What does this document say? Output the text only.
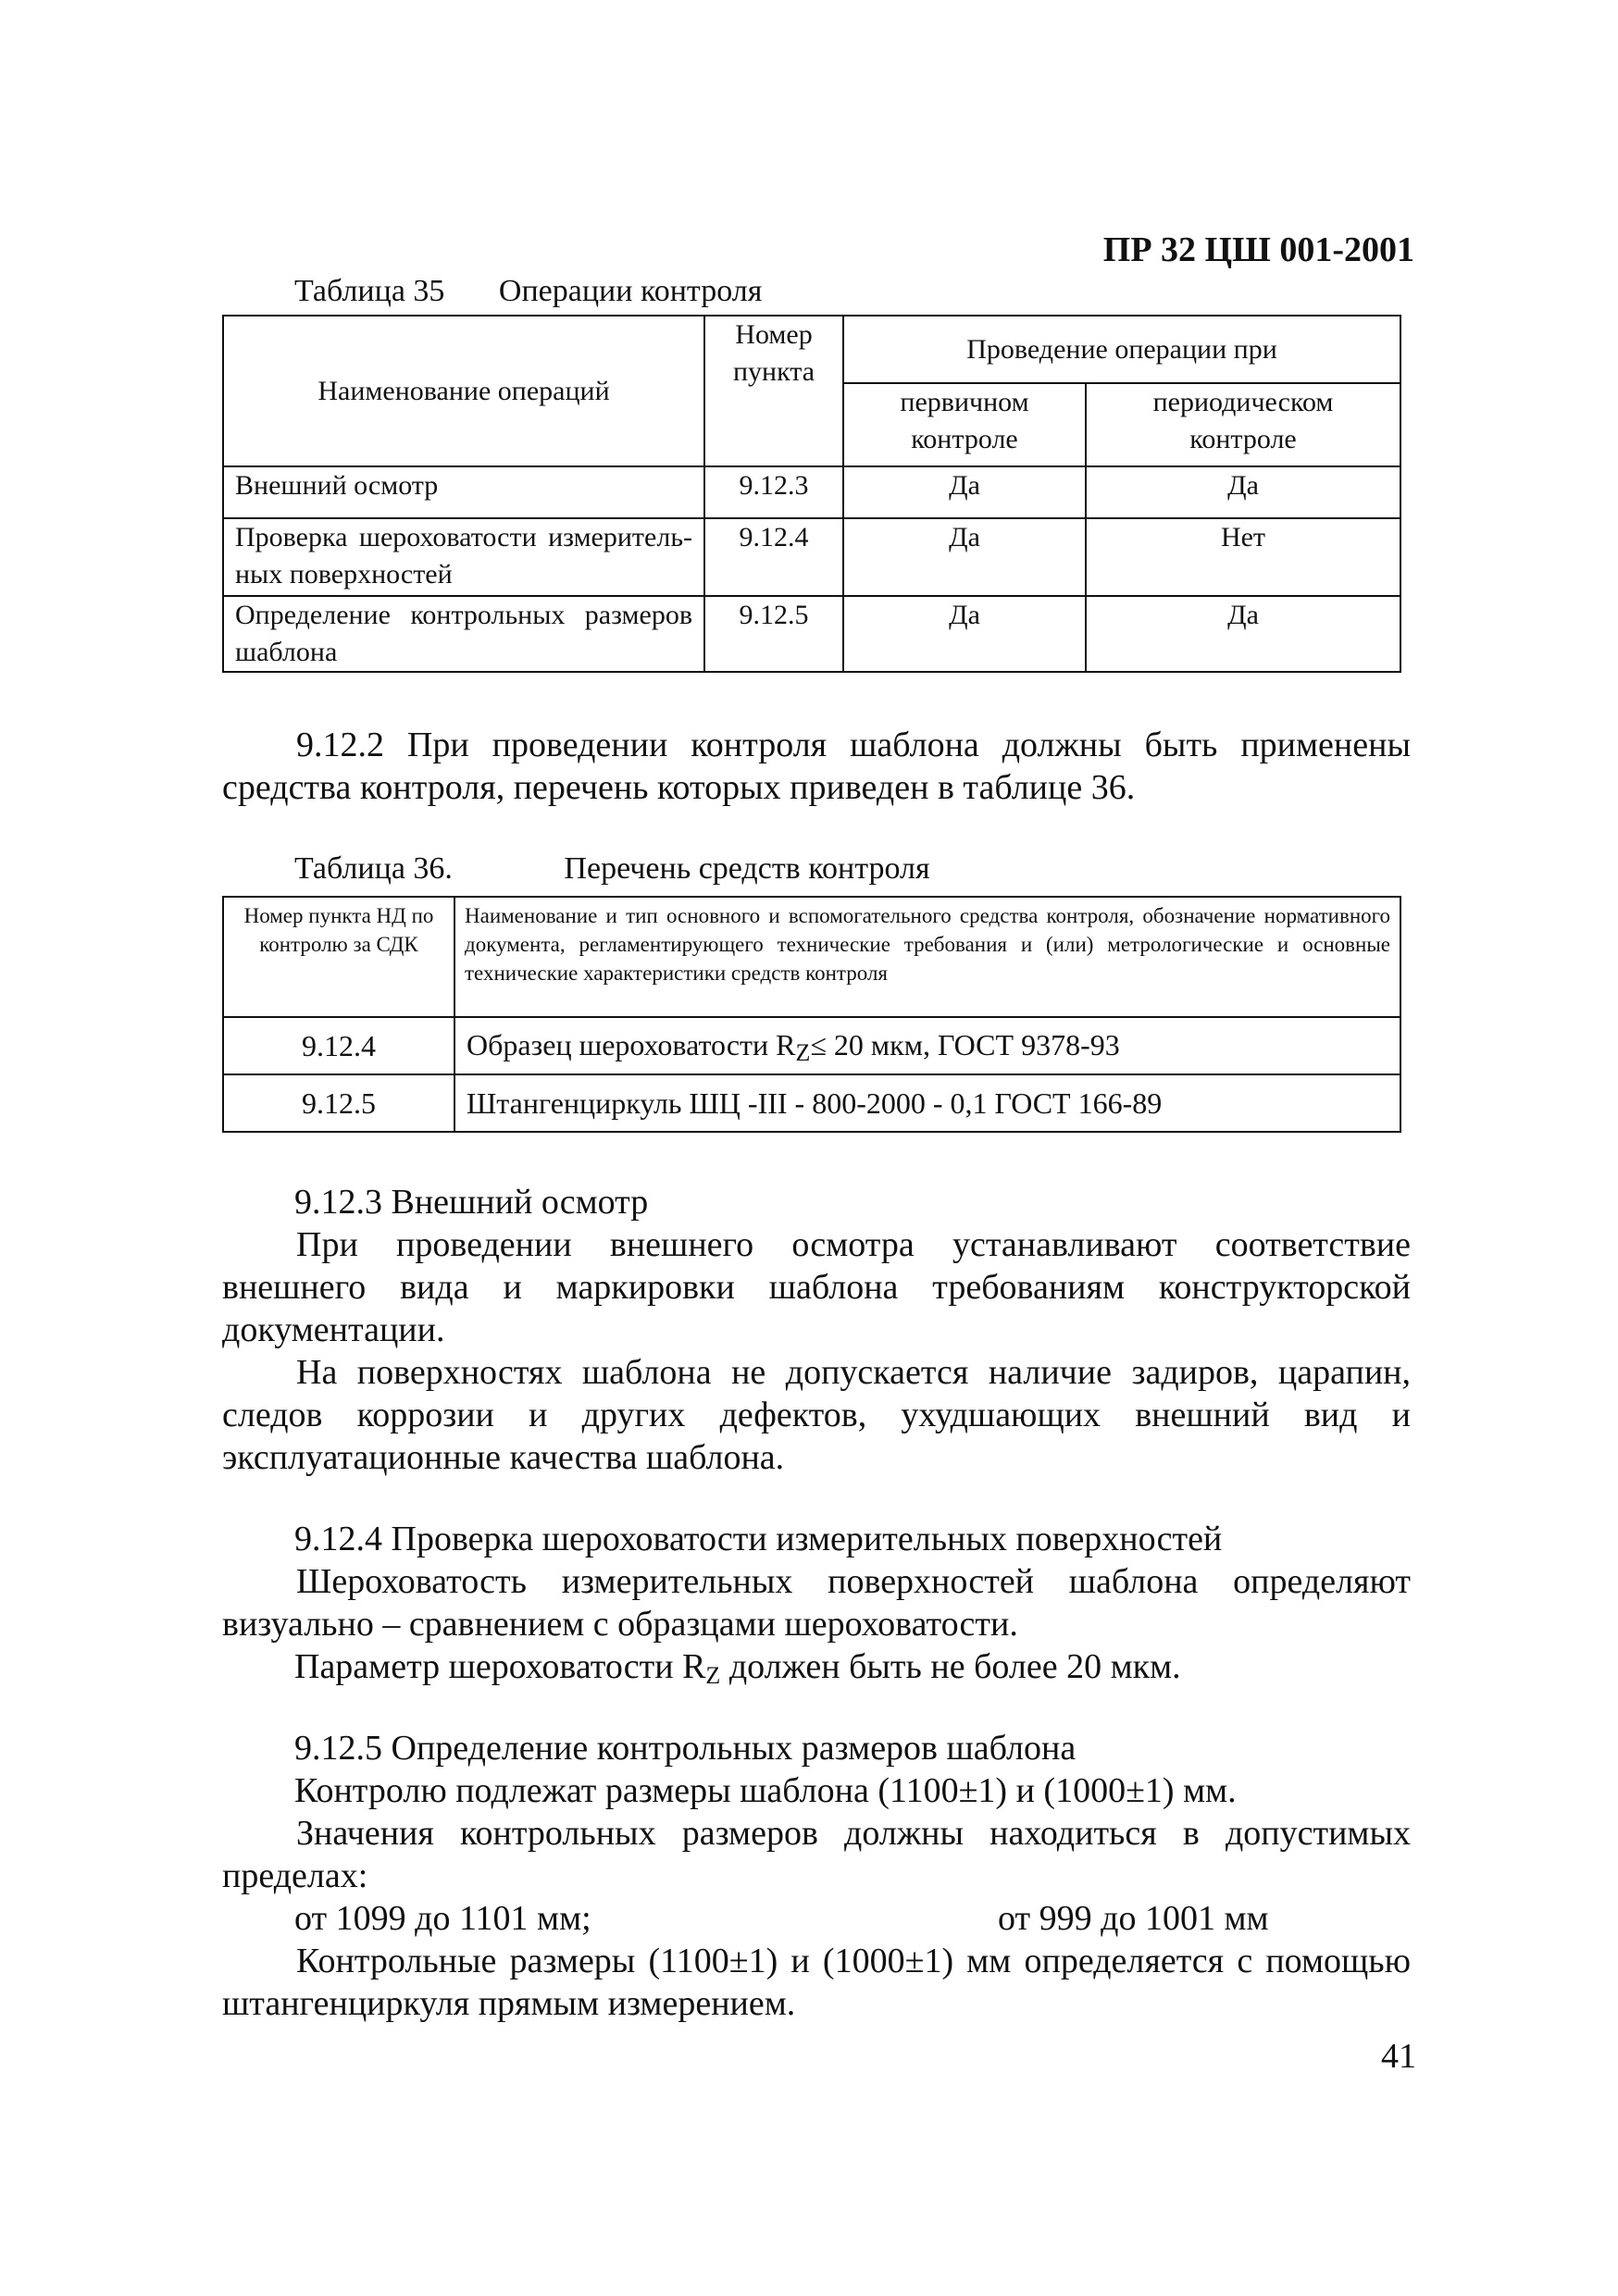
ПР 32 ЦШ 001-2001
Таблица 35 Операции контроля
Наименование операций	Номер пункта	Проведение операции при	
		первичном контроле	периодическом контроле
Внешний осмотр	9.12.3	Да	Да

Проверка шероховатости измеритель-
ных поверхностей	9.12.4	Да	Нет

Определение контрольных размеров
шаблона	9.12.5	Да	Да
9.12.2 При проведении контроля шаблона должны быть применены средства контроля, перечень которых приведен в таблице 36.
Таблица 36.	Перечень средств контроля
Номер пункта НД по контролю за СДК	Наименование и тип основного и вспомогательного средства контроля, обозначение нормативного документа, регламентирующего технические требования и (или) метрологические и основные технические характеристики средств контроля
9.12.4	Образец шероховатости RZ≤ 20 мкм, ГОСТ 9378-93
9.12.5	Штангенциркуль ШЦ -III - 800-2000 - 0,1 ГОСТ 166-89
9.12.3 Внешний осмотр
При проведении внешнего осмотра устанавливают соответствие внешнего вида и маркировки шаблона требованиям конструкторской документации.
На поверхностях шаблона не допускается наличие задиров, царапин, следов коррозии и других дефектов, ухудшающих внешний вид и эксплуатационные качества шаблона.
9.12.4 Проверка шероховатости измерительных поверхностей
Шероховатость измерительных поверхностей шаблона определяют визуально – сравнением с образцами шероховатости.
Параметр шероховатости RZ должен быть не более 20 мкм.
9.12.5 Определение контрольных размеров шаблона
Контролю подлежат размеры шаблона (1100±1) и (1000±1) мм.
Значения контрольных размеров должны находиться в допустимых пределах:
от 1099 до 1101 мм;	от 999 до 1001 мм
Контрольные размеры (1100±1) и (1000±1) мм определяется с помощью штангенциркуля прямым измерением.
41
